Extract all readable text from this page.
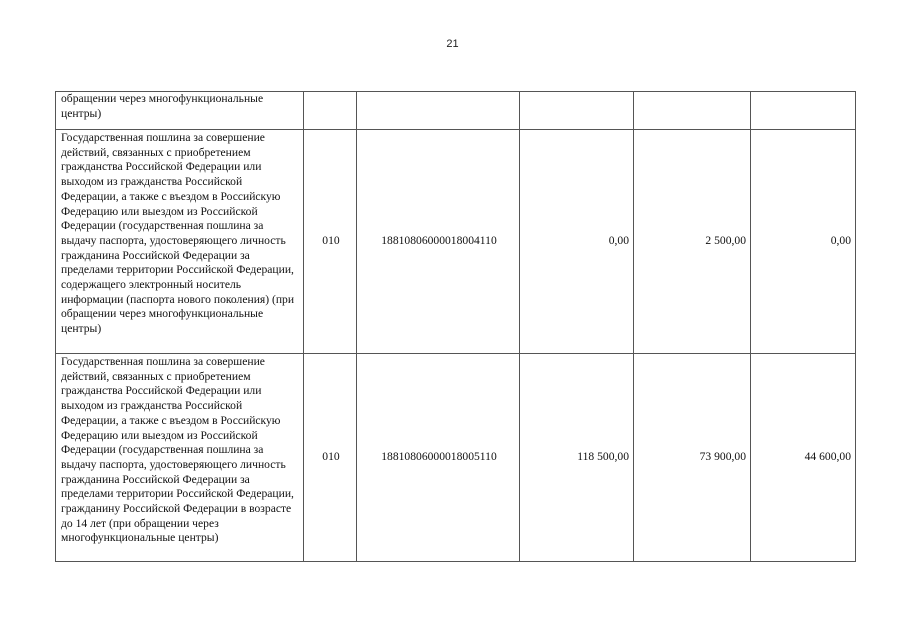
21
обращении через многофункциональные центры)					
Государственная пошлина за совершение действий, связанных с приобретением гражданства Российской Федерации или выходом из гражданства Российской Федерации, а также с въездом в Российскую Федерацию или выездом из Российской Федерации (государственная пошлина за выдачу паспорта, удостоверяющего личность гражданина Российской Федерации за пределами территории Российской Федерации, содержащего электронный носитель информации (паспорта нового поколения) (при обращении через многофункциональные центры)	010	18810806000018004110	0,00	2 500,00	0,00
Государственная пошлина за совершение действий, связанных с приобретением гражданства Российской Федерации или выходом из гражданства Российской Федерации, а также с въездом в Российскую Федерацию или выездом из Российской Федерации (государственная пошлина за выдачу паспорта, удостоверяющего личность гражданина Российской Федерации за пределами территории Российской Федерации, гражданину Российской Федерации в возрасте до 14 лет (при обращении через многофункциональные центры)	010	18810806000018005110	118 500,00	73 900,00	44 600,00
